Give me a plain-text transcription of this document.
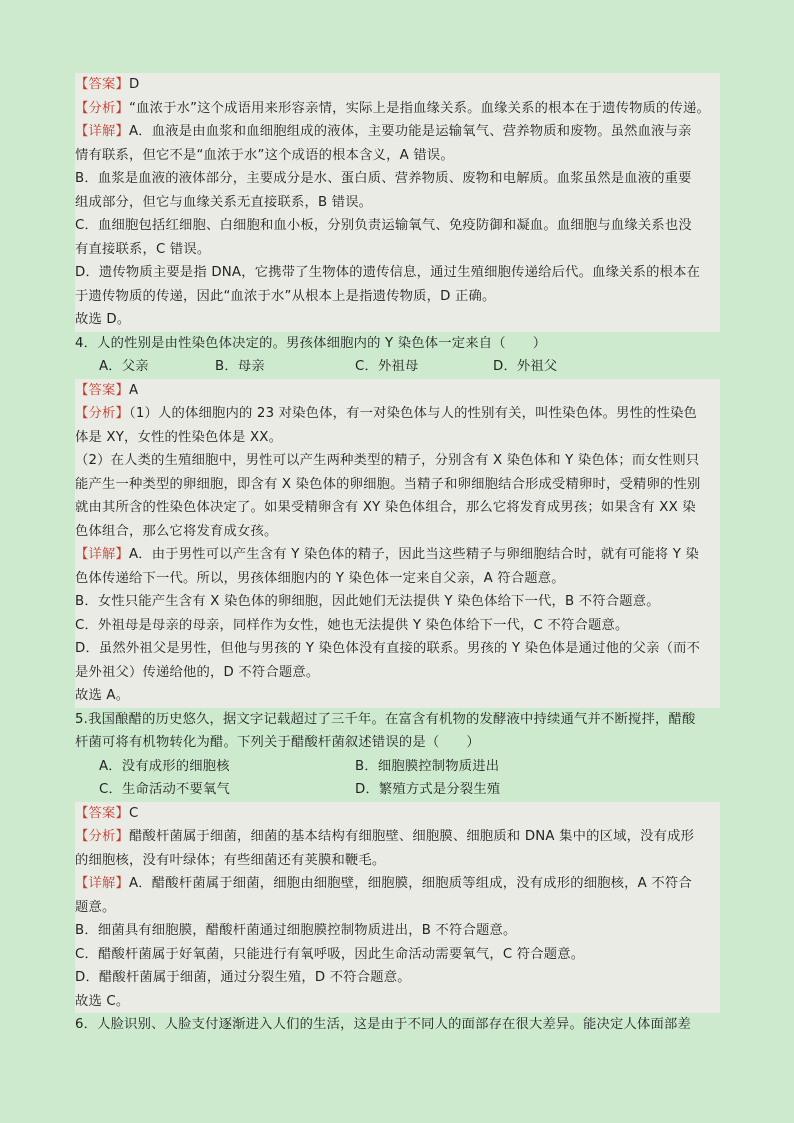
【答案】D
【分析】“血浓于水”这个成语用来形容亲情，实际上是指血缘关系。血缘关系的根本在于遗传物质的传递。
【详解】A．血液是由血浆和血细胞组成的液体，主要功能是运输氧气、营养物质和废物。虽然血液与亲
情有联系，但它不是“血浓于水”这个成语的根本含义，A 错误。
B．血浆是血液的液体部分，主要成分是水、蛋白质、营养物质、废物和电解质。血浆虽然是血液的重要
组成部分，但它与血缘关系无直接联系，B 错误。
C．血细胞包括红细胞、白细胞和血小板，分别负责运输氧气、免疫防御和凝血。血细胞与血缘关系也没
有直接联系，C 错误。
D．遗传物质主要是指 DNA，它携带了生物体的遗传信息，通过生殖细胞传递给后代。血缘关系的根本在
于遗传物质的传递，因此“血浓于水”从根本上是指遗传物质，D 正确。
故选 D。
4．人的性别是由性染色体决定的。男孩体细胞内的 Y 染色体一定来自（　　）
A．父亲	B．母亲	C．外祖母	D．外祖父
【答案】A
【分析】（1）人的体细胞内的 23 对染色体，有一对染色体与人的性别有关，叫性染色体。男性的性染色
体是 XY，女性的性染色体是 XX。
（2）在人类的生殖细胞中，男性可以产生两种类型的精子，分别含有 X 染色体和 Y 染色体；而女性则只
能产生一种类型的卵细胞，即含有 X 染色体的卵细胞。当精子和卵细胞结合形成受精卵时，受精卵的性别
就由其所含的性染色体决定了。如果受精卵含有 XY 染色体组合，那么它将发育成男孩；如果含有 XX 染
色体组合，那么它将发育成女孩。
【详解】A．由于男性可以产生含有 Y 染色体的精子，因此当这些精子与卵细胞结合时，就有可能将 Y 染
色体传递给下一代。所以，男孩体细胞内的 Y 染色体一定来自父亲，A 符合题意。
B．女性只能产生含有 X 染色体的卵细胞，因此她们无法提供 Y 染色体给下一代，B 不符合题意。
C．外祖母是母亲的母亲，同样作为女性，她也无法提供 Y 染色体给下一代，C 不符合题意。
D．虽然外祖父是男性，但他与男孩的 Y 染色体没有直接的联系。男孩的 Y 染色体是通过他的父亲（而不
是外祖父）传递给他的，D 不符合题意。
故选 A。
5.我国酿醋的历史悠久，据文字记载超过了三千年。在富含有机物的发酵液中持续通气并不断搅拌，醋酸
杆菌可将有机物转化为醋。下列关于醋酸杆菌叙述错误的是（　　）
A．没有成形的细胞核	B．细胞膜控制物质进出
C．生命活动不要氧气	D．繁殖方式是分裂生殖
【答案】C
【分析】醋酸杆菌属于细菌，细菌的基本结构有细胞壁、细胞膜、细胞质和 DNA 集中的区域，没有成形
的细胞核，没有叶绿体；有些细菌还有荚膜和鞭毛。
【详解】A．醋酸杆菌属于细菌，细胞由细胞壁，细胞膜，细胞质等组成，没有成形的细胞核，A 不符合
题意。
B．细菌具有细胞膜，醋酸杆菌通过细胞膜控制物质进出，B 不符合题意。
C．醋酸杆菌属于好氧菌，只能进行有氧呼吸，因此生命活动需要氧气，C 符合题意。
D．醋酸杆菌属于细菌，通过分裂生殖，D 不符合题意。
故选 C。
6．人脸识别、人脸支付逐渐进入人们的生活，这是由于不同人的面部存在很大差异。能决定人体面部差
